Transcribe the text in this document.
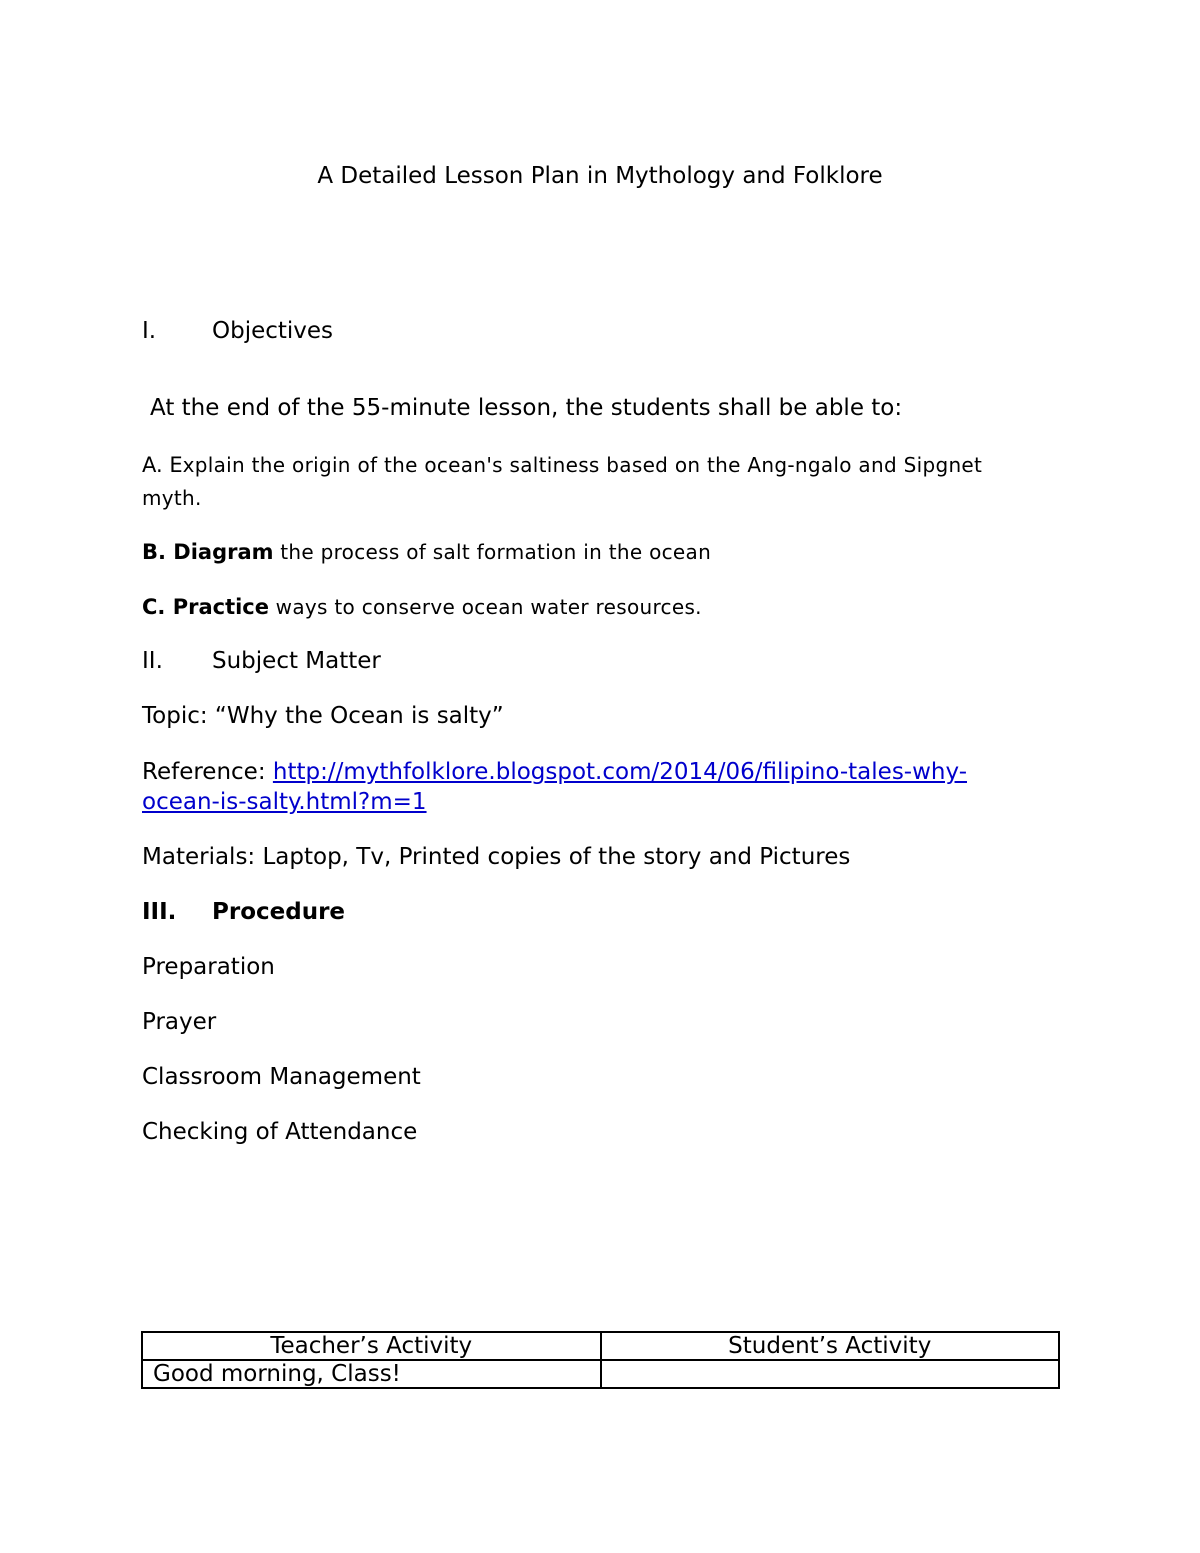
A Detailed Lesson Plan in Mythology and Folklore
I. Objectives
At the end of the 55-minute lesson, the students shall be able to:
A. Explain the origin of the ocean's saltiness based on the Ang-ngalo and Sipgnet
myth.
B. Diagram the process of salt formation in the ocean
C. Practice ways to conserve ocean water resources.
II. Subject Matter
Topic: “Why the Ocean is salty”
Reference: http://mythfolklore.blogspot.com/2014/06/filipino-tales-why-
ocean-is-salty.html?m=1
Materials: Laptop, Tv, Printed copies of the story and Pictures
III. Procedure
Preparation
Prayer
Classroom Management
Checking of Attendance
Teacher’s Activity	Student’s Activity
Good morning, Class!	
